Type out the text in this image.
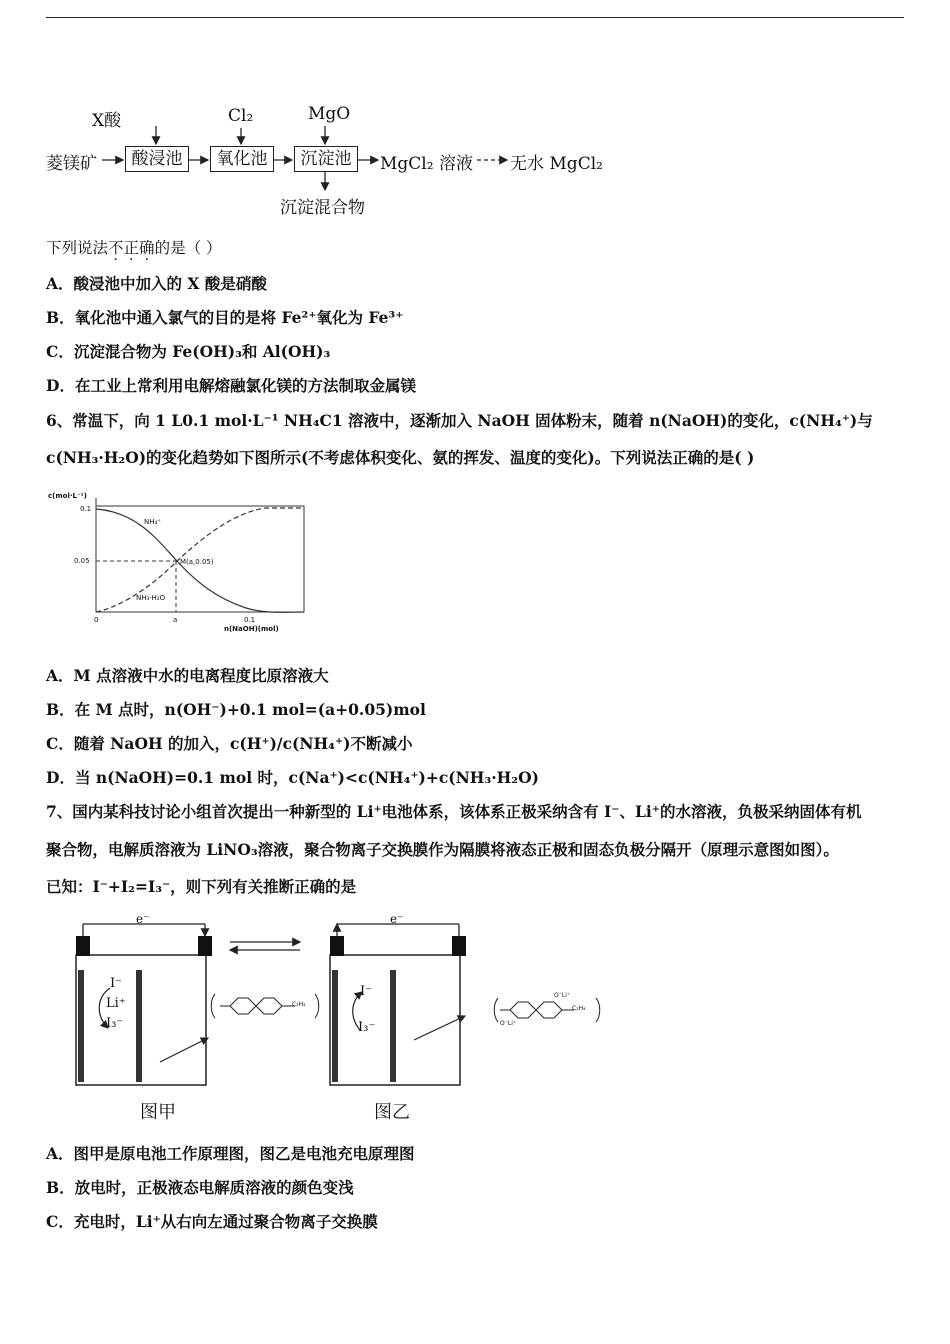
X酸	Cl₂	MgO
菱镁矿	酸浸池	氧化池	沉淀池	MgCl₂ 溶液 无水 MgCl₂
沉淀混合物
下列说法不正确的是（ ）
A．酸浸池中加入的 X 酸是硝酸
B．氧化池中通入氯气的目的是将 Fe²⁺氧化为 Fe³⁺
C．沉淀混合物为 Fe(OH)₃和 Al(OH)₃
D．在工业上常利用电解熔融氯化镁的方法制取金属镁
6、常温下，向 1 L0.1 mol·L⁻¹ NH₄C1 溶液中，逐渐加入 NaOH 固体粉末，随着 n(NaOH)的变化，c(NH₄⁺)与
c(NH₃·H₂O)的变化趋势如下图所示(不考虑体积变化、氨的挥发、温度的变化)。下列说法正确的是( )
c(mol·L⁻¹)
0.1
0.05
0	a	0.1
n(NaOH)(mol)
NH₄⁺
NH₃·H₂O
M(a,0.05)
A．M 点溶液中水的电离程度比原溶液大
B．在 M 点时，n(OH⁻)+0.1 mol=(a+0.05)mol
C．随着 NaOH 的加入，c(H⁺)/c(NH₄⁺)不断减小
D．当 n(NaOH)=0.1 mol 时，c(Na⁺)<c(NH₄⁺)+c(NH₃·H₂O)
7、国内某科技讨论小组首次提出一种新型的 Li⁺电池体系，该体系正极采纳含有 I⁻、Li⁺的水溶液，负极采纳固体有机
聚合物，电解质溶液为 LiNO₃溶液，聚合物离子交换膜作为隔膜将液态正极和固态负极分隔开（原理示意图如图）。
已知：I⁻+I₂=I₃⁻，则下列有关推断正确的是
e⁻	e⁻
I⁻
Li⁺
I₃⁻
I⁻
I₃⁻
C₂H₄
C₂H₄
O⁻Li⁺
O⁻Li⁺
图甲	图乙
A．图甲是原电池工作原理图，图乙是电池充电原理图
B．放电时，正极液态电解质溶液的颜色变浅
C．充电时，Li⁺从右向左通过聚合物离子交换膜
